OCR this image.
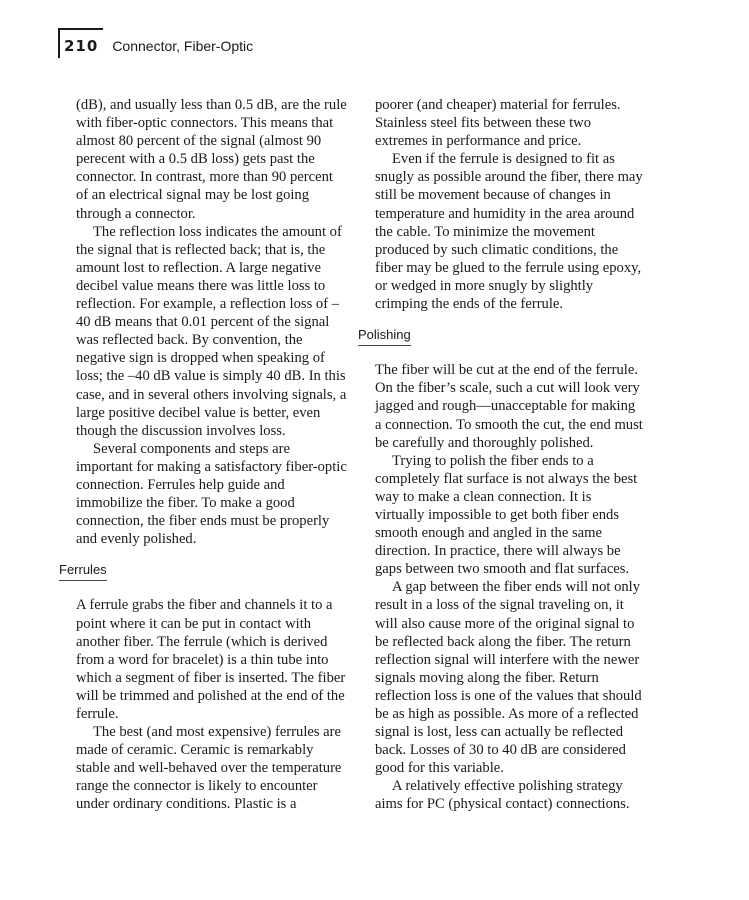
210 Connector, Fiber-Optic

(dB), and usually less than 0.5 dB, are the rule with fiber-optic connectors. This means that almost 80 percent of the signal (almost 90 perecent with a 0.5 dB loss) gets past the connector. In contrast, more than 90 percent of an electrical signal may be lost going through a connector.

The reflection loss indicates the amount of the signal that is reflected back; that is, the amount lost to reflection. A large negative decibel value means there was little loss to reflection. For example, a reflection loss of –40 dB means that 0.01 percent of the signal was reflected back. By convention, the negative sign is dropped when speaking of loss; the –40 dB value is simply 40 dB. In this case, and in several others involving signals, a large positive decibel value is better, even though the discussion involves loss.

Several components and steps are important for making a satisfactory fiber-optic connection. Ferrules help guide and immobilize the fiber. To make a good connection, the fiber ends must be properly and evenly polished.

Ferrules

A ferrule grabs the fiber and channels it to a point where it can be put in contact with another fiber. The ferrule (which is derived from a word for bracelet) is a thin tube into which a segment of fiber is inserted. The fiber will be trimmed and polished at the end of the ferrule.

The best (and most expensive) ferrules are made of ceramic. Ceramic is remarkably stable and well-behaved over the temperature range the connector is likely to encounter under ordinary conditions. Plastic is a

poorer (and cheaper) material for ferrules. Stainless steel fits between these two extremes in performance and price.

Even if the ferrule is designed to fit as snugly as possible around the fiber, there may still be movement because of changes in temperature and humidity in the area around the cable. To minimize the movement produced by such climatic conditions, the fiber may be glued to the ferrule using epoxy, or wedged in more snugly by slightly crimping the ends of the ferrule.

Polishing

The fiber will be cut at the end of the ferrule. On the fiber’s scale, such a cut will look very jagged and rough—unacceptable for making a connection. To smooth the cut, the end must be carefully and thoroughly polished.

Trying to polish the fiber ends to a completely flat surface is not always the best way to make a clean connection. It is virtually impossible to get both fiber ends smooth enough and angled in the same direction. In practice, there will always be gaps between two smooth and flat surfaces.

A gap between the fiber ends will not only result in a loss of the signal traveling on, it will also cause more of the original signal to be reflected back along the fiber. The return reflection signal will interfere with the newer signals moving along the fiber. Return reflection loss is one of the values that should be as high as possible. As more of a reflected signal is lost, less can actually be reflected back. Losses of 30 to 40 dB are considered good for this variable.

A relatively effective polishing strategy aims for PC (physical contact) connections.
